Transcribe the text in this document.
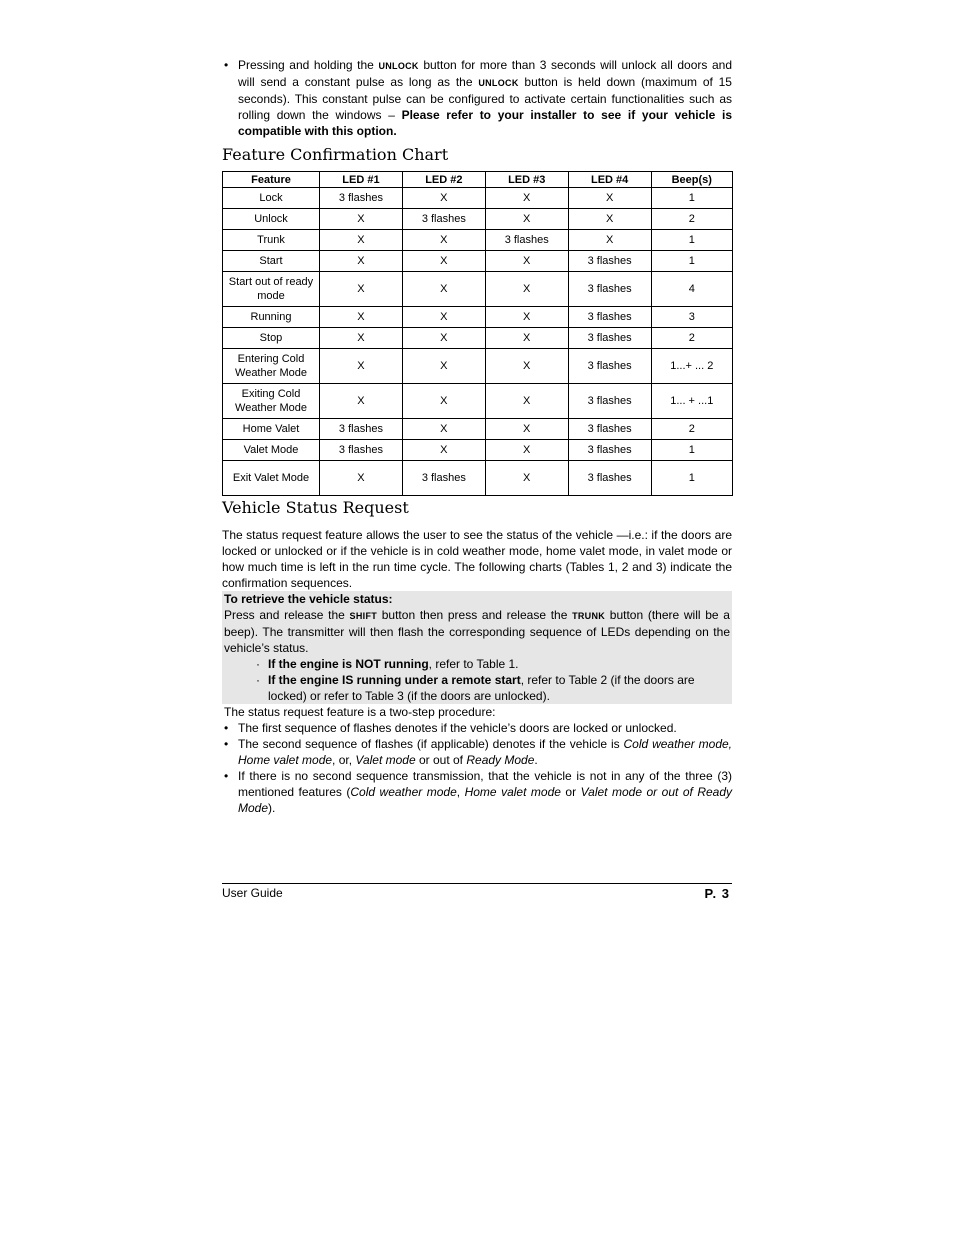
• Pressing and holding the UNLOCK button for more than 3 seconds will unlock all doors and will send a constant pulse as long as the UNLOCK button is held down (maximum of 15 seconds). This constant pulse can be configured to activate certain functionalities such as rolling down the windows – Please refer to your installer to see if your vehicle is compatible with this option.
Feature Confirmation Chart
Feature	LED #1	LED #2	LED #3	LED #4	Beep(s)
Lock	3 flashes	X	X	X	1
Unlock	X	3 flashes	X	X	2
Trunk	X	X	3 flashes	X	1
Start	X	X	X	3 flashes	1
Start out of ready mode	X	X	X	3 flashes	4
Running	X	X	X	3 flashes	3
Stop	X	X	X	3 flashes	2
Entering Cold Weather Mode	X	X	X	3 flashes	1...+ ... 2
Exiting Cold Weather Mode	X	X	X	3 flashes	1... + ...1
Home Valet	3 flashes	X	X	3 flashes	2
Valet Mode	3 flashes	X	X	3 flashes	1
Exit Valet Mode	X	3 flashes	X	3 flashes	1
Vehicle Status Request

The status request feature allows the user to see the status of the vehicle —i.e.: if the doors are locked or unlocked or if the vehicle is in cold weather mode, home valet mode, in valet mode or how much time is left in the run time cycle. The following charts (Tables 1, 2 and 3) indicate the confirmation sequences.

To retrieve the vehicle status:

Press and release the SHIFT button then press and release the TRUNK button (there will be a beep). The transmitter will then flash the corresponding sequence of LEDs depending on the vehicle’s status.

· If the engine is NOT running, refer to Table 1.
· If the engine IS running under a remote start, refer to Table 2 (if the doors are locked) or refer to Table 3 (if the doors are unlocked).

The status request feature is a two-step procedure:

• The first sequence of flashes denotes if the vehicle’s doors are locked or unlocked.
• The second sequence of flashes (if applicable) denotes if the vehicle is Cold weather mode, Home valet mode, or, Valet mode or out of Ready Mode.
• If there is no second sequence transmission, that the vehicle is not in any of the three (3) mentioned features (Cold weather mode, Home valet mode or Valet mode or out of Ready Mode).
User Guide	P. 3
